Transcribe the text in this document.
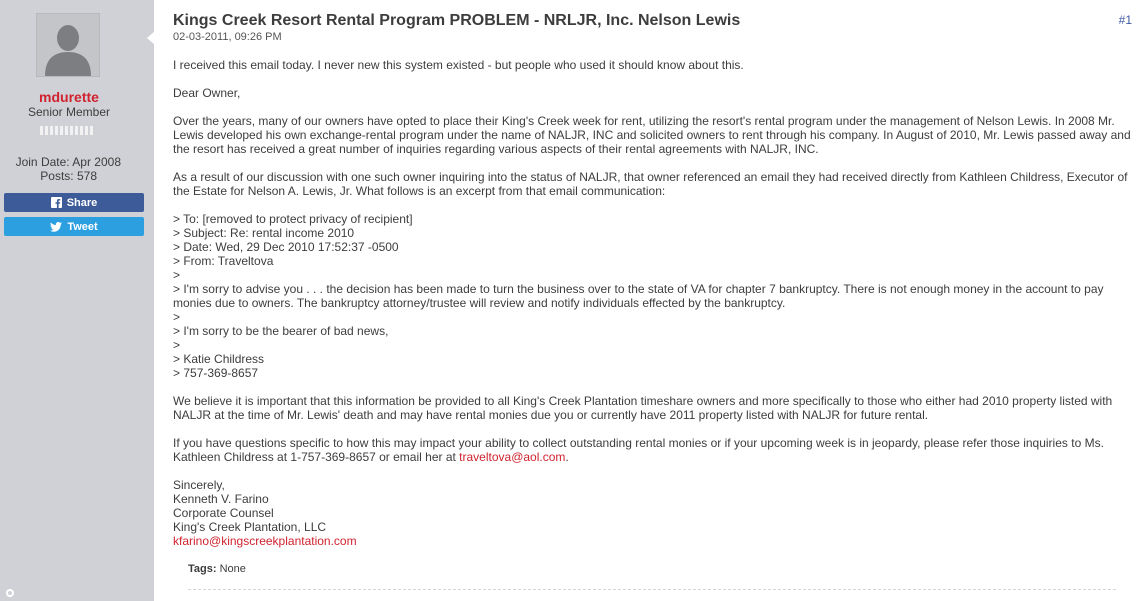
mdurette
Senior Member
Join Date: Apr 2008
Posts: 578
Share
Tweet
Kings Creek Resort Rental Program PROBLEM - NRLJR, Inc. Nelson Lewis
02-03-2011, 09:26 PM
#1

I received this email today. I never new this system existed - but people who used it should know about this.

Dear Owner,

Over the years, many of our owners have opted to place their King's Creek week for rent, utilizing the resort's rental program under the management of Nelson Lewis. In 2008 Mr. Lewis developed his own exchange-rental program under the name of NALJR, INC and solicited owners to rent through his company. In August of 2010, Mr. Lewis passed away and the resort has received a great number of inquiries regarding various aspects of their rental agreements with NALJR, INC.

As a result of our discussion with one such owner inquiring into the status of NALJR, that owner referenced an email they had received directly from Kathleen Childress, Executor of the Estate for Nelson A. Lewis, Jr. What follows is an excerpt from that email communication:

> To: [removed to protect privacy of recipient]
> Subject: Re: rental income 2010
> Date: Wed, 29 Dec 2010 17:52:37 -0500
> From: Traveltova
>
> I'm sorry to advise you . . . the decision has been made to turn the business over to the state of VA for chapter 7 bankruptcy. There is not enough money in the account to pay monies due to owners. The bankruptcy attorney/trustee will review and notify individuals effected by the bankruptcy.
>
> I'm sorry to be the bearer of bad news,
>
> Katie Childress
> 757-369-8657

We believe it is important that this information be provided to all King's Creek Plantation timeshare owners and more specifically to those who either had 2010 property listed with NALJR at the time of Mr. Lewis' death and may have rental monies due you or currently have 2011 property listed with NALJR for future rental.

If you have questions specific to how this may impact your ability to collect outstanding rental monies or if your upcoming week is in jeopardy, please refer those inquiries to Ms. Kathleen Childress at 1-757-369-8657 or email her at traveltova@aol.com.

Sincerely,
Kenneth V. Farino
Corporate Counsel
King's Creek Plantation, LLC
kfarino@kingscreekplantation.com

Tags: None
